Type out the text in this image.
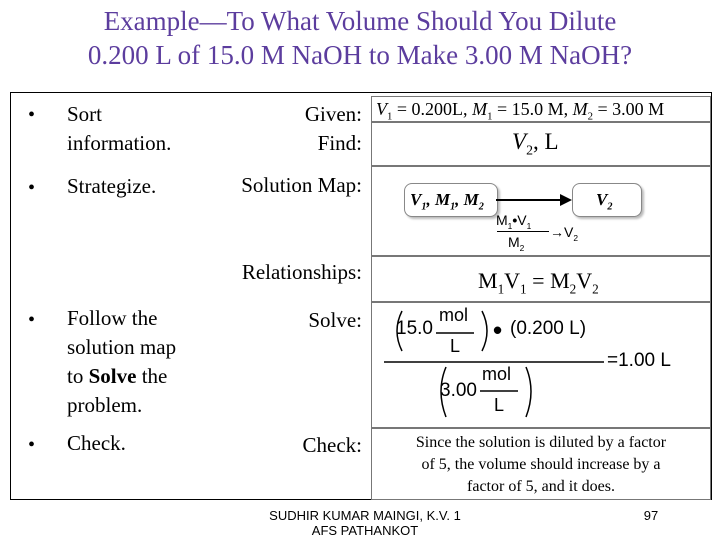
Example—To What Volume Should You Dilute
0.200 L of 15.0 M NaOH to Make 3.00 M NaOH?
• Sort
information.
• Strategize.
• Follow the
solution map
to Solve the
problem.
• Check.
Given:
Find:
Solution Map:
Relationships:
Solve:
Check:
$V_1 = 0.200L$, $M_1 = 15.0$ M, $M_2 = 3.00$ M
$V_2$, L
$V_1$, $M_1$, $M_2$	$V_2$
$M_1•V_1$
$M_2$
$\to V_2$
$M_1V_1 = M_2V_2$
15.0
mol
L
• (0.200 L)
3.00
mol
L
=1.00 L
Since the solution is diluted by a factor
of 5, the volume should increase by a
factor of 5, and it does.
SUDHIR KUMAR MAINGI, K.V. 1
AFS PATHANKOT
97
